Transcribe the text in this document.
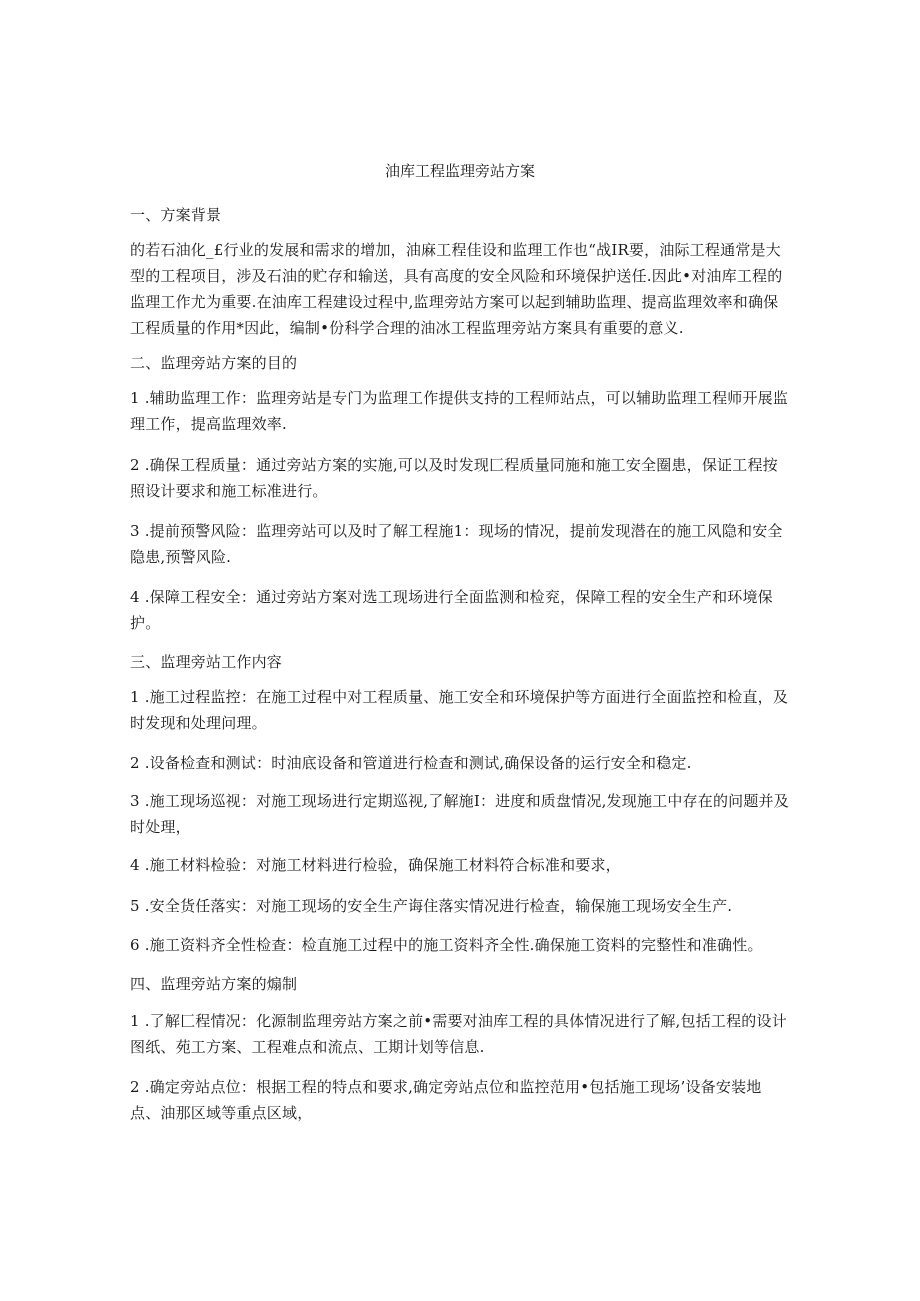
油库工程监理旁站方案

一、方案背景

的若石油化_£行业的发展和需求的增加，油麻工程佳设和监理工作也“战IR要，油际工程通常是大型的工程项目，涉及石油的贮存和输送，具有高度的安全风险和环境保护送任.因此•对油库工程的监理工作尤为重要.在油库工程建设过程中,监理旁站方案可以起到辅助监理、提高监理效率和确保工程质量的作用*因此，编制•份科学合理的油冰工程监理旁站方案具有重要的意义.

二、监理旁站方案的目的

1 .辅助监理工作：监理旁站是专门为监理工作提供支持的工程师站点，可以辅助监理工程师开展监理工作，提高监理效率.

2 .确保工程质量：通过旁站方案的实施,可以及时发现匚程质量同施和施工安全圈患，保证工程按照设计要求和施工标准进行。

3 .提前预警风险：监理旁站可以及时了解工程施1：现场的情况，提前发现潜在的施工风隐和安全隐患,预警风险.

4 .保障工程安全：通过旁站方案对选工现场进行全面监测和检兖，保障工程的安全生产和环境保护。

三、监理旁站工作内容

1 .施工过程监控：在施工过程中对工程质量、施工安全和环境保护等方面进行全面监控和检直，及时发现和处理问理。

2 .设备检查和测试：时油底设备和管道进行检查和测试,确保设备的运行安全和稳定.

3 .施工现场巡视：对施工现场进行定期巡视,了解施I：进度和质盘情况,发现施工中存在的问题并及时处理，

4 .施工材料检验：对施工材料进行检验，确保施工材料符合标准和要求，

5 .安全货任落实：对施工现场的安全生产诲住落实情况进行检查，输保施工现场安全生产.

6 .施工资料齐全性检查：检直施工过程中的施工资料齐全性.确保施工资料的完整性和准确性。

四、监理旁站方案的煽制

1 .了解匚程情况：化源制监理旁站方案之前•需要对油库工程的具体情况进行了解,包括工程的设计图纸、苑工方案、工程难点和流点、工期计划等信息.

2 .确定旁站点位：根据工程的特点和要求,确定旁站点位和监控范用•包括施工现场’设备安装地点、油那区域等重点区域，
